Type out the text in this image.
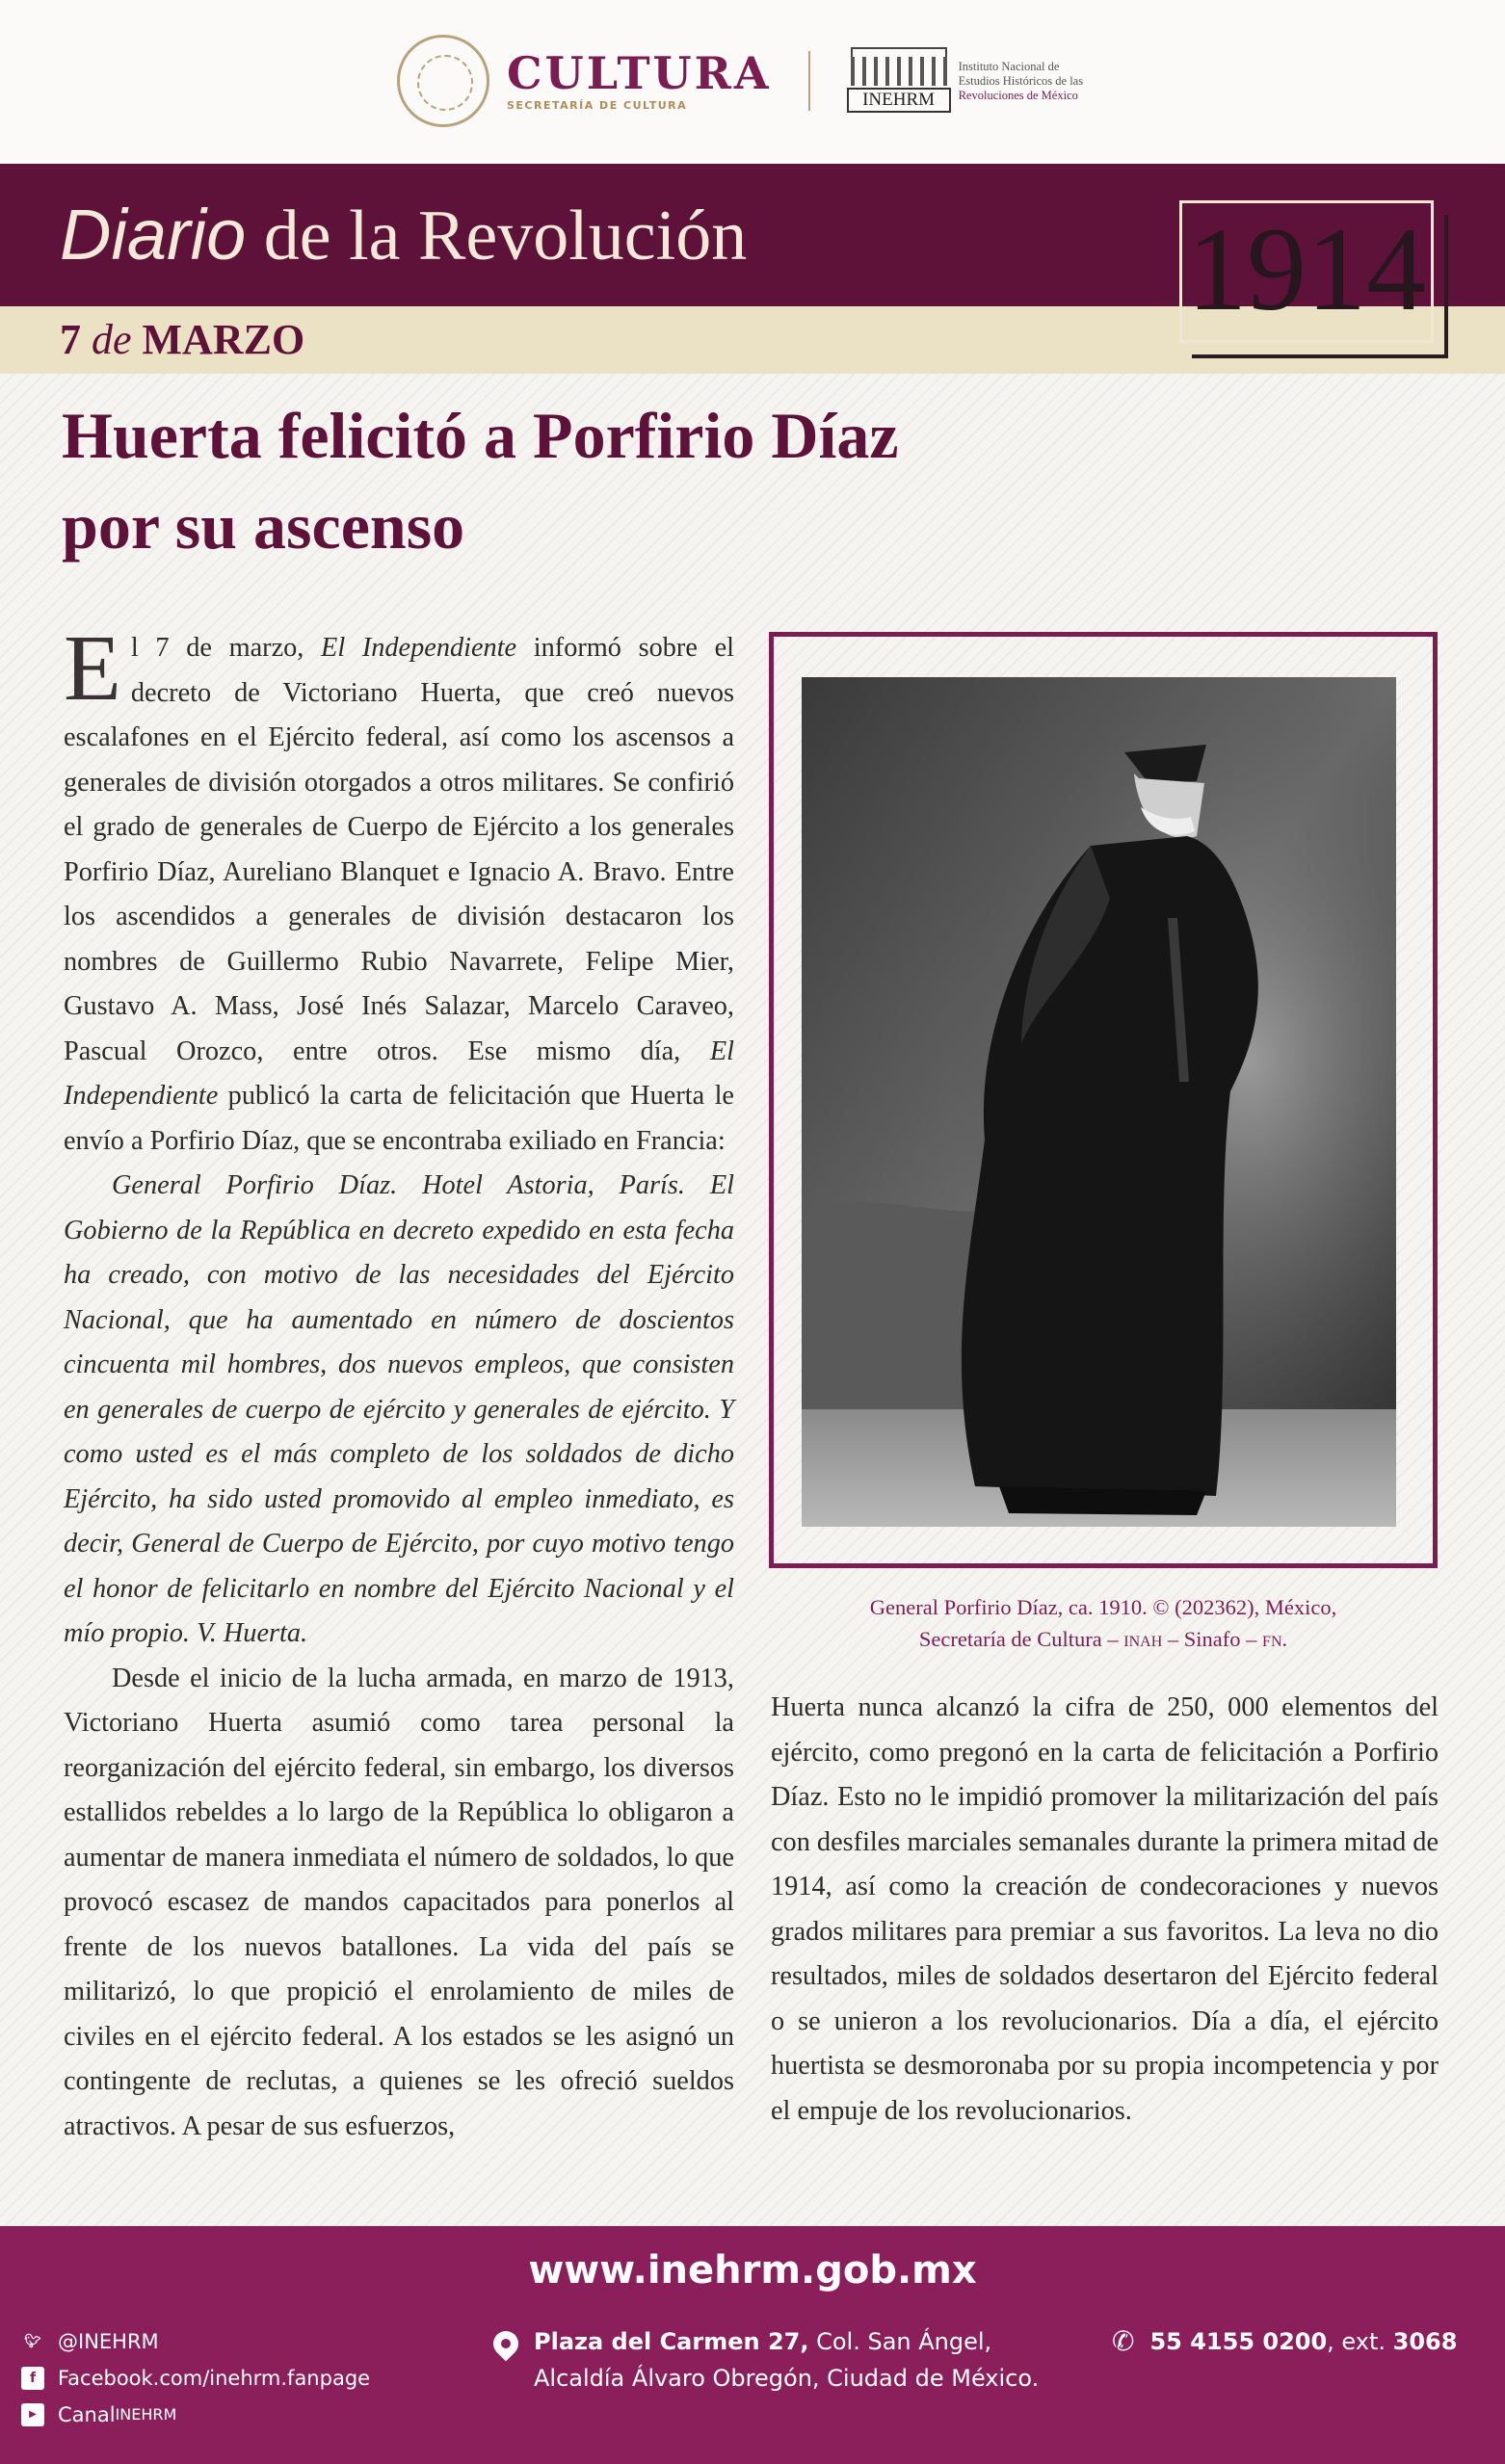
CULTURA
SECRETARÍA DE CULTURA	INEHRM
Instituto Nacional de
Estudios Históricos de las
Revoluciones de México
Diario de la Revolución
7 de MARZO
1914
Huerta felicitó a Porfirio Díaz
por su ascenso

El 7 de marzo, El Independiente informó sobre el decreto de Victoriano Huerta, que creó nuevos escalafones en el Ejército federal, así como los ascensos a generales de división otorgados a otros militares. Se confirió el grado de generales de Cuerpo de Ejército a los generales Porfirio Díaz, Aureliano Blanquet e Ignacio A. Bravo. Entre los ascendidos a generales de división destacaron los nombres de Guillermo Rubio Navarrete, Felipe Mier, Gustavo A. Mass, José Inés Salazar, Marcelo Caraveo, Pascual Orozco, entre otros. Ese mismo día, El Independiente publicó la carta de felicitación que Huerta le envío a Porfirio Díaz, que se encontraba exiliado en Francia:

General Porfirio Díaz. Hotel Astoria, París. El Gobierno de la República en decreto expedido en esta fecha ha creado, con motivo de las necesidades del Ejército Nacional, que ha aumentado en número de doscientos cincuenta mil hombres, dos nuevos empleos, que consisten en generales de cuerpo de ejército y generales de ejército. Y como usted es el más completo de los soldados de dicho Ejército, ha sido usted promovido al empleo inmediato, es decir, General de Cuerpo de Ejército, por cuyo motivo tengo el honor de felicitarlo en nombre del Ejército Nacional y el mío propio. V. Huerta.

Desde el inicio de la lucha armada, en marzo de 1913, Victoriano Huerta asumió como tarea personal la reorganización del ejército federal, sin embargo, los diversos estallidos rebeldes a lo largo de la República lo obligaron a aumentar de manera inmediata el número de soldados, lo que provocó escasez de mandos capacitados para ponerlos al frente de los nuevos batallones. La vida del país se militarizó, lo que propició el enrolamiento de miles de civiles en el ejército federal. A los estados se les asignó un contingente de reclutas, a quienes se les ofreció sueldos atractivos. A pesar de sus esfuerzos,

General Porfirio Díaz, ca. 1910. © (202362), México,
Secretaría de Cultura – inah – Sinafo – fn.

Huerta nunca alcanzó la cifra de 250, 000 elementos del ejército, como pregonó en la carta de felicitación a Porfirio Díaz. Esto no le impidió promover la militarización del país con desfiles marciales semanales durante la primera mitad de 1914, así como la creación de condecoraciones y nuevos grados militares para premiar a sus favoritos. La leva no dio resultados, miles de soldados desertaron del Ejército federal o se unieron a los revolucionarios. Día a día, el ejército huertista se desmoronaba por su propia incompetencia y por el empuje de los revolucionarios.

www.inehrm.gob.mx
🐦︎ @INEHRM
f	Facebook.com/inehrm.fanpage
▶	Canal INEHRM
Plaza del Carmen 27, Col. San Ángel,
Alcaldía Álvaro Obregón, Ciudad de México.
✆ 55 4155 0200, ext. 3068
